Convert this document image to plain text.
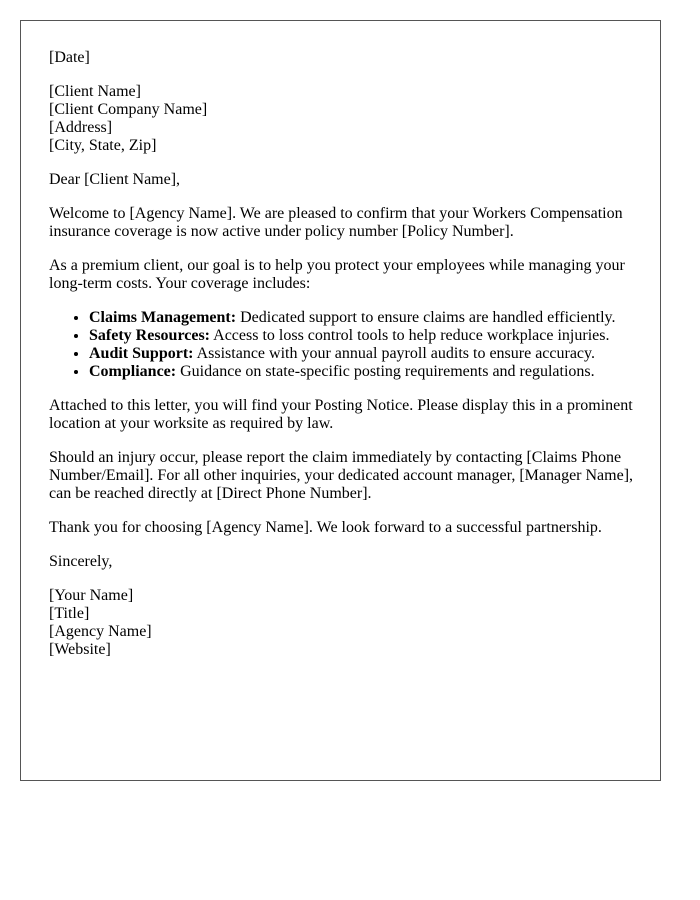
[Date]

[Client Name]
[Client Company Name]
[Address]
[City, State, Zip]

Dear [Client Name],

Welcome to [Agency Name]. We are pleased to confirm that your Workers Compensation insurance coverage is now active under policy number [Policy Number].

As a premium client, our goal is to help you protect your employees while managing your long-term costs. Your coverage includes:

• Claims Management: Dedicated support to ensure claims are handled efficiently.
• Safety Resources: Access to loss control tools to help reduce workplace injuries.
• Audit Support: Assistance with your annual payroll audits to ensure accuracy.
• Compliance: Guidance on state-specific posting requirements and regulations.

Attached to this letter, you will find your Posting Notice. Please display this in a prominent location at your worksite as required by law.

Should an injury occur, please report the claim immediately by contacting [Claims Phone Number/Email]. For all other inquiries, your dedicated account manager, [Manager Name], can be reached directly at [Direct Phone Number].

Thank you for choosing [Agency Name]. We look forward to a successful partnership.

Sincerely,

[Your Name]
[Title]
[Agency Name]
[Website]
